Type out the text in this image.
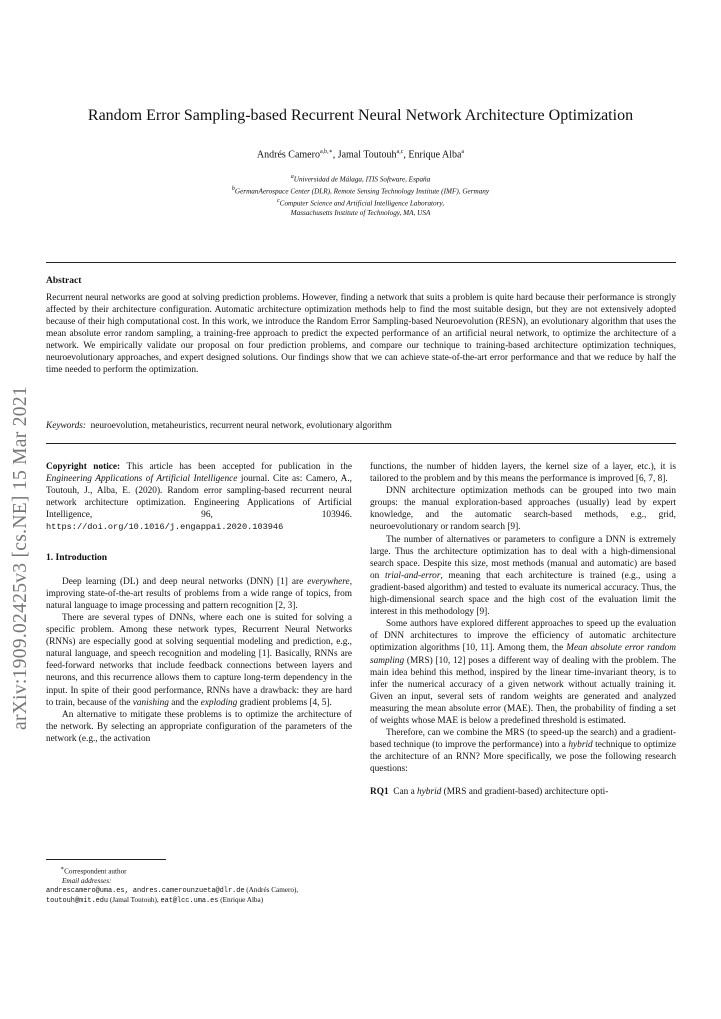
Random Error Sampling-based Recurrent Neural Network Architecture Optimization
Andrés Camero$^{a,b,∗}$, Jamal Toutouh$^{a,c}$, Enrique Alba$^a$
$^a$Universidad de Málaga, ITIS Software, España
$^b$GermanAerospace Center (DLR), Remote Sensing Technology Institute (IMF), Germany
$^c$Computer Science and Artificial Intelligence Laboratory,
Massachusetts Institute of Technology, MA, USA
Abstract
Recurrent neural networks are good at solving prediction problems. However, finding a network that suits a problem is quite hard because their performance is strongly affected by their architecture configuration. Automatic architecture optimization methods help to find the most suitable design, but they are not extensively adopted because of their high computational cost. In this work, we introduce the Random Error Sampling-based Neuroevolution (RESN), an evolutionary algorithm that uses the mean absolute error random sampling, a training-free approach to predict the expected performance of an artificial neural network, to optimize the architecture of a network. We empirically validate our proposal on four prediction problems, and compare our technique to training-based architecture optimization techniques, neuroevolutionary approaches, and expert designed solutions. Our findings show that we can achieve state-of-the-art error performance and that we reduce by half the time needed to perform the optimization.
Keywords: neuroevolution, metaheuristics, recurrent neural network, evolutionary algorithm
arXiv:1909.02425v3 [cs.NE] 15 Mar 2021 Copyright notice: This article has been accepted for publication in the Engineering Applications of Artificial Intelligence journal. Cite as: Camero, A., Toutouh, J., Alba, E. (2020). Random error sampling-based recurrent neural network architecture optimization. Engineering Applications of Artificial Intelligence, 96, 103946. https://doi.org/10.1016/j.engappai.2020.103946

1. Introduction

Deep learning (DL) and deep neural networks (DNN) [1] are everywhere, improving state-of-the-art results of problems from a wide range of topics, from natural language to image processing and pattern recognition [2, 3].

There are several types of DNNs, where each one is suited for solving a specific problem. Among these network types, Recurrent Neural Networks (RNNs) are especially good at solving sequential modeling and prediction, e.g., natural language, and speech recognition and modeling [1]. Basically, RNNs are feed-forward networks that include feedback connections between layers and neurons, and this recurrence allows them to capture long-term dependency in the input. In spite of their good performance, RNNs have a drawback: they are hard to train, because of the vanishing and the exploding gradient problems [4, 5].

An alternative to mitigate these problems is to optimize the architecture of the network. By selecting an appropriate configuration of the parameters of the network (e.g., the activation

∗Correspondent author
Email addresses:
andrescamero@uma.es, andres.camerounzueta@dlr.de (Andrés Camero), toutouh@mit.edu (Jamal Toutouh), eat@lcc.uma.es (Enrique Alba)

functions, the number of hidden layers, the kernel size of a layer, etc.), it is tailored to the problem and by this means the performance is improved [6, 7, 8].

DNN architecture optimization methods can be grouped into two main groups: the manual exploration-based approaches (usually) lead by expert knowledge, and the automatic search-based methods, e.g., grid, neuroevolutionary or random search [9].

The number of alternatives or parameters to configure a DNN is extremely large. Thus the architecture optimization has to deal with a high-dimensional search space. Despite this size, most methods (manual and automatic) are based on trial-and-error, meaning that each architecture is trained (e.g., using a gradient-based algorithm) and tested to evaluate its numerical accuracy. Thus, the high-dimensional search space and the high cost of the evaluation limit the interest in this methodology [9].

Some authors have explored different approaches to speed up the evaluation of DNN architectures to improve the efficiency of automatic architecture optimization algorithms [10, 11]. Among them, the Mean absolute error random sampling (MRS) [10, 12] poses a different way of dealing with the problem. The main idea behind this method, inspired by the linear time-invariant theory, is to infer the numerical accuracy of a given network without actually training it. Given an input, several sets of random weights are generated and analyzed measuring the mean absolute error (MAE). Then, the probability of finding a set of weights whose MAE is below a predefined threshold is estimated.

Therefore, can we combine the MRS (to speed-up the search) and a gradient-based technique (to improve the performance) into a hybrid technique to optimize the architecture of an RNN? More specifically, we pose the following research questions:

RQ1 Can a hybrid (MRS and gradient-based) architecture opti-
